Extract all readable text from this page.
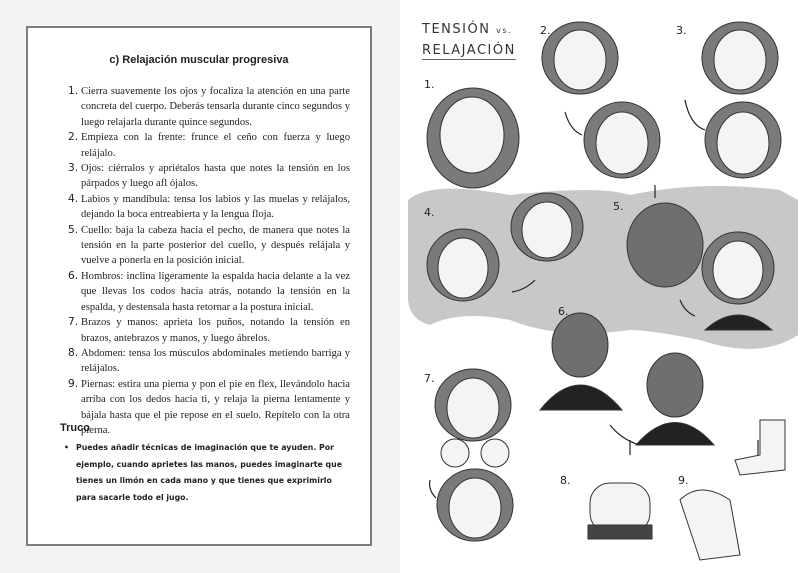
c) Relajación muscular progresiva
1. Cierra suavemente los ojos y focaliza la atención en una parte concreta del cuerpo. Deberás tensarla durante cinco segundos y luego relajarla durante quince segundos.
2. Empieza con la frente: frunce el ceño con fuerza y luego relájalo.
3. Ojos: ciérralos y apriétalos hasta que notes la tensión en los párpados y luego afl ójalos.
4. Labios y mandíbula: tensa los labios y las muelas y relájalos, dejando la boca entreabierta y la lengua floja.
5. Cuello: baja la cabeza hacia el pecho, de manera que notes la tensión en la parte posterior del cuello, y después relájala y vuelve a ponerla en la posición inicial.
6. Hombros: inclina ligeramente la espalda hacia delante a la vez que llevas los codos hacia atrás, notando la tensión en la espalda, y destensala hasta retornar a la postura inicial.
7. Brazos y manos: aprieta los puños, notando la tensión en brazos, antebrazos y manos, y luego ábrelos.
8. Abdomen: tensa los músculos abdominales metiendo barriga y relájalos.
9. Piernas: estira una pierna y pon el pie en flex, llevándolo hacia arriba con los dedos hacia ti, y relaja la pierna lentamente y bájala hasta que el pie repose en el suelo. Repítelo con la otra pierna.
Truco
• Puedes añadir técnicas de imaginación que te ayuden. Por ejemplo, cuando aprietes las manos, puedes imaginarte que tienes un limón en cada mano y que tienes que exprimirlo para sacarle todo el jugo.
TENSIÓN vs.
RELAJACIÓN
1.
2.	3.
4.	5.
6.
7.
8.	9.
